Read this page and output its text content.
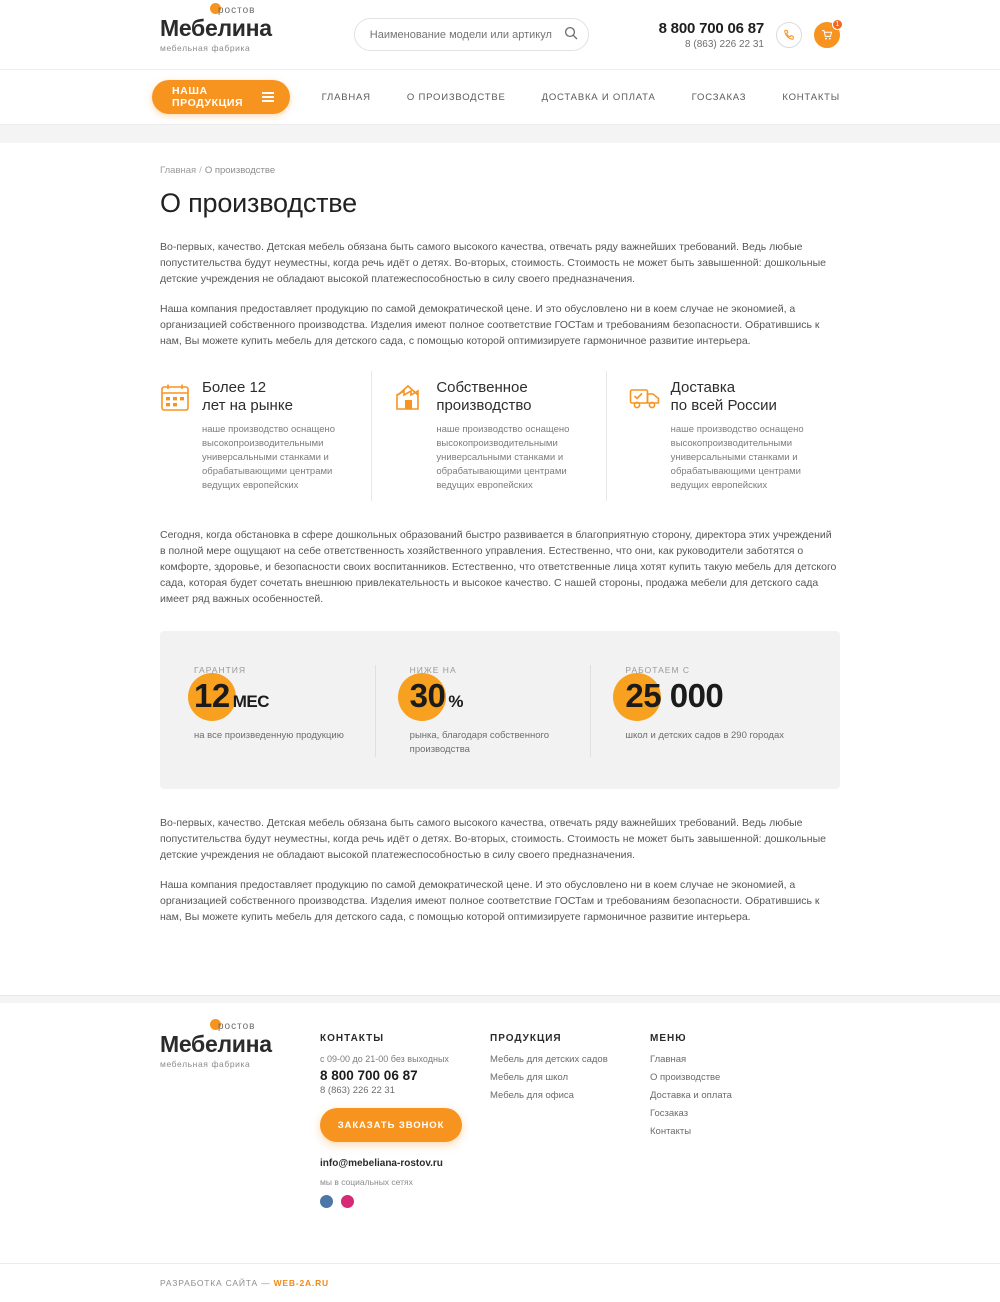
ростов
Мебелина
мебельная фабрика
Наименование модели или артикул
8 800 700 06 87
8 (863) 226 22 31
1
НАША ПРОДУКЦИЯ	ГЛАВНАЯ	О ПРОИЗВОДСТВЕ	ДОСТАВКА И ОПЛАТА	ГОСЗАКАЗ	КОНТАКТЫ
Главная / О производстве
О производстве

Во-первых, качество. Детская мебель обязана быть самого высокого качества, отвечать ряду важнейших требований. Ведь любые попустительства будут неуместны, когда речь идёт о детях. Во-вторых, стоимость. Стоимость не может быть завышенной: дошкольные детские учреждения не обладают высокой платежеспособностью в силу своего предназначения.

Наша компания предоставляет продукцию по самой демократической цене. И это обусловлено ни в коем случае не экономией, а организацией собственного производства. Изделия имеют полное соответствие ГОСТам и требованиям безопасности. Обратившись к нам, Вы можете купить мебель для детского сада, с помощью которой оптимизируете гармоничное развитие интерьера.

Более 12
лет на рынке
наше производство оснащено высокопроизводительными универсальными станками и обрабатывающими центрами ведущих европейских
Собственное
производство
наше производство оснащено высокопроизводительными универсальными станками и обрабатывающими центрами ведущих европейских
Доставка
по всей России
наше производство оснащено высокопроизводительными универсальными станками и обрабатывающими центрами ведущих европейских

Сегодня, когда обстановка в сфере дошкольных образований быстро развивается в благоприятную сторону, директора этих учреждений в полной мере ощущают на себе ответственность хозяйственного управления. Естественно, что они, как руководители заботятся о комфорте, здоровье, и безопасности своих воспитанников. Естественно, что ответственные лица хотят купить такую мебель для детского сада, которая будет сочетать внешнюю привлекательность и высокое качество. С нашей стороны, продажа мебели для детского сада имеет ряд важных особенностей.

ГАРАНТИЯ
12 МЕС
на все произведенную продукцию
НИЖЕ НА
30 %
рынка, благодаря собственного производства
РАБОТАЕМ С
25 000
школ и детских садов в 290 городах

Во-первых, качество. Детская мебель обязана быть самого высокого качества, отвечать ряду важнейших требований. Ведь любые попустительства будут неуместны, когда речь идёт о детях. Во-вторых, стоимость. Стоимость не может быть завышенной: дошкольные детские учреждения не обладают высокой платежеспособностью в силу своего предназначения.

Наша компания предоставляет продукцию по самой демократической цене. И это обусловлено ни в коем случае не экономией, а организацией собственного производства. Изделия имеют полное соответствие ГОСТам и требованиям безопасности. Обратившись к нам, Вы можете купить мебель для детского сада, с помощью которой оптимизируете гармоничное развитие интерьера.

ростов
Мебелина
мебельная фабрика
КОНТАКТЫ
с 09-00 до 21-00 без выходных
8 800 700 06 87
8 (863) 226 22 31
ЗАКАЗАТЬ ЗВОНОК
info@mebeliana-rostov.ru
мы в социальных сетях

ПРОДУКЦИЯ
Мебель для детских садов
Мебель для школ
Мебель для офиса
МЕНЮ
Главная
О производстве
Доставка и оплата
Госзаказ
Контакты
РАЗРАБОТКА САЙТА — WEB-2A.RU
